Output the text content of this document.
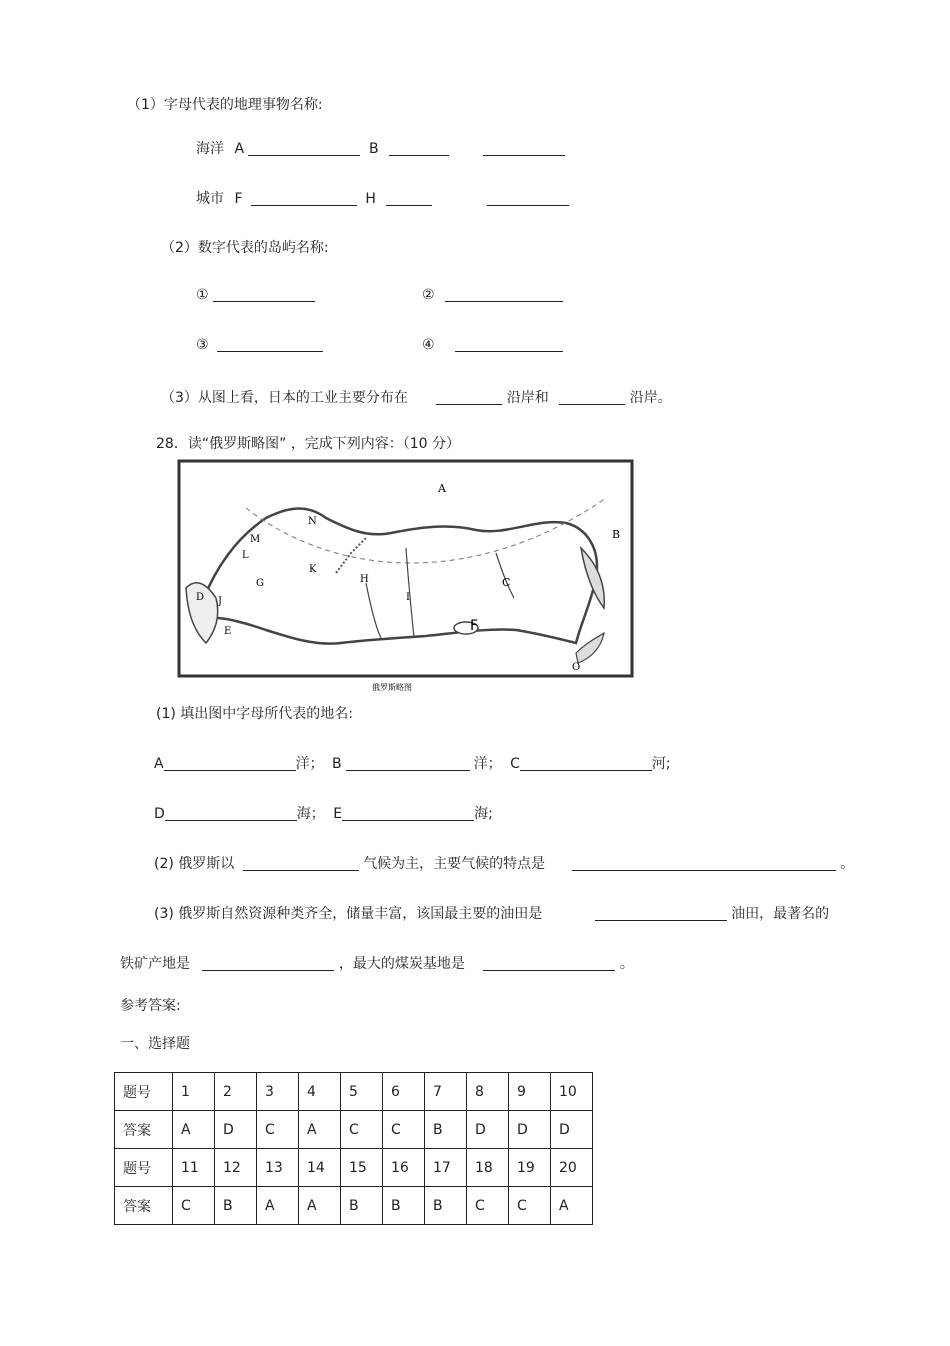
（1）字母代表的地理事物名称:
海洋 A	B
城市 F	H
（2）数字代表的岛屿名称:
①	②
③	④
（3）从图上看，日本的工业主要分布在	沿岸和	沿岸。
28．读“俄罗斯略图” ，完成下列内容：（10 分）
A
B
C
D
E	F
G	H
I
J
K
L
M
N
O
俄罗斯略图
(1) 填出图中字母所代表的地名:
A	洋； B	洋； C	河;
D	海； E	海;
(2) 俄罗斯以	气候为主，主要气候的特点是	。
(3) 俄罗斯自然资源种类齐全，储量丰富，该国最主要的油田是	油田，最著名的
铁矿产地是	，最大的煤炭基地是	。
参考答案:
一、选择题
题号	1	2	3	4	5	6	7	8	9	10
答案	A	D	C	A	C	C	B	D	D	D
题号	11	12	13	14	15	16	17	18	19	20
答案	C	B	A	A	B	B	B	C	C	A
